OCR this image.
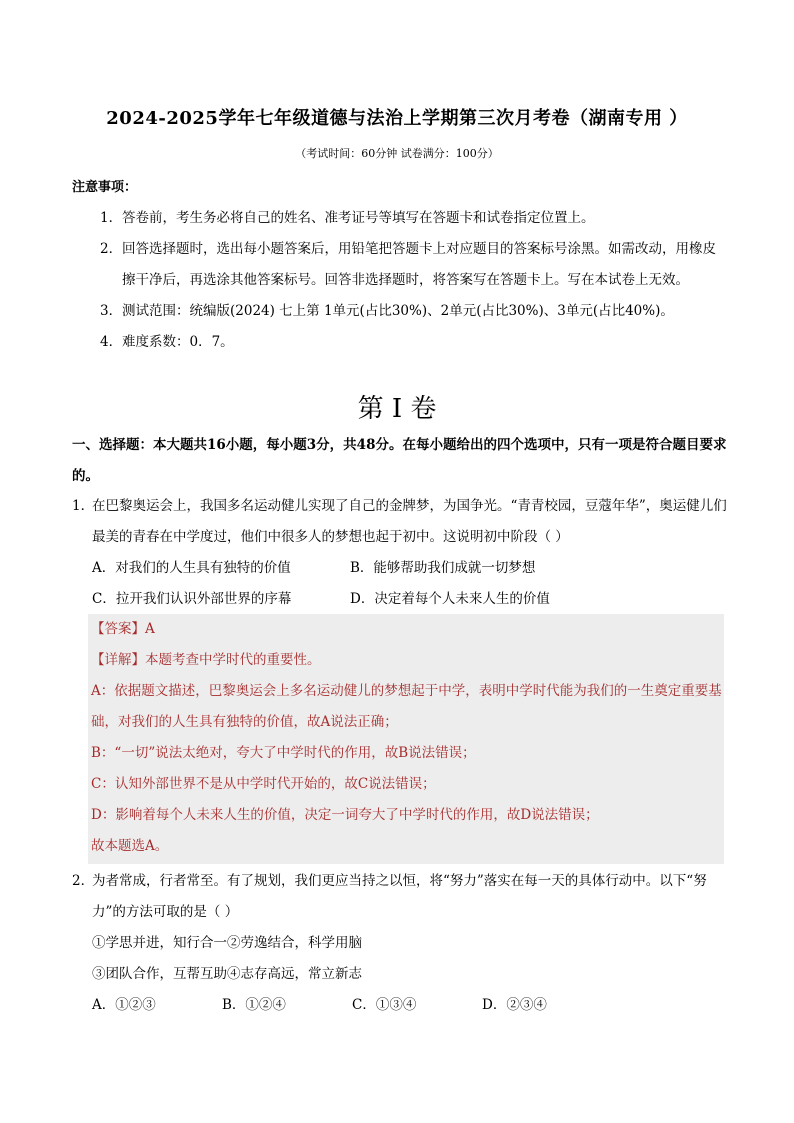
2024-2025学年七年级道德与法治上学期第三次月考卷（湖南专用 ）
（考试时间：60分钟 试卷满分：100分）
注意事项：
1． 答卷前，考生务必将自己的姓名、准考证号等填写在答题卡和试卷指定位置上。
2． 回答选择题时，选出每小题答案后，用铅笔把答题卡上对应题目的答案标号涂黑。如需改动，用橡皮擦干净后，再选涂其他答案标号。回答非选择题时，将答案写在答题卡上。写在本试卷上无效。
3． 测试范围：统编版(2024) 七上第 1单元(占比30%)、2单元(占比30%)、3单元(占比40%)。
4． 难度系数：0．7。
第 I 卷
一、选择题：本大题共16小题，每小题3分，共48分。在每小题给出的四个选项中，只有一项是符合题目要求的。
1．
在巴黎奥运会上，我国多名运动健儿实现了自己的金牌梦，为国争光。“青青校园，豆蔻年华”，奥运健儿们最美的青春在中学度过，他们中很多人的梦想也起于初中。这说明初中阶段（ ）
A．对我们的人生具有独特的价值	B．能够帮助我们成就一切梦想
C．拉开我们认识外部世界的序幕	D．决定着每个人未来人生的价值
【答案】A
【详解】本题考查中学时代的重要性。
A：依据题文描述，巴黎奥运会上多名运动健儿的梦想起于中学，表明中学时代能为我们的一生奠定重要基础，对我们的人生具有独特的价值，故A说法正确；
B：“一切”说法太绝对，夸大了中学时代的作用，故B说法错误；
C：认知外部世界不是从中学时代开始的，故C说法错误；
D：影响着每个人未来人生的价值，决定一词夸大了中学时代的作用，故D说法错误；
故本题选A。
2．
为者常成，行者常至。有了规划，我们更应当持之以恒，将“努力”落实在每一天的具体行动中。以下“努力”的方法可取的是（ ）
①学思并进，知行合一②劳逸结合，科学用脑
③团队合作，互帮互助④志存高远，常立新志
A．①②③	B．①②④	C．①③④	D．②③④
